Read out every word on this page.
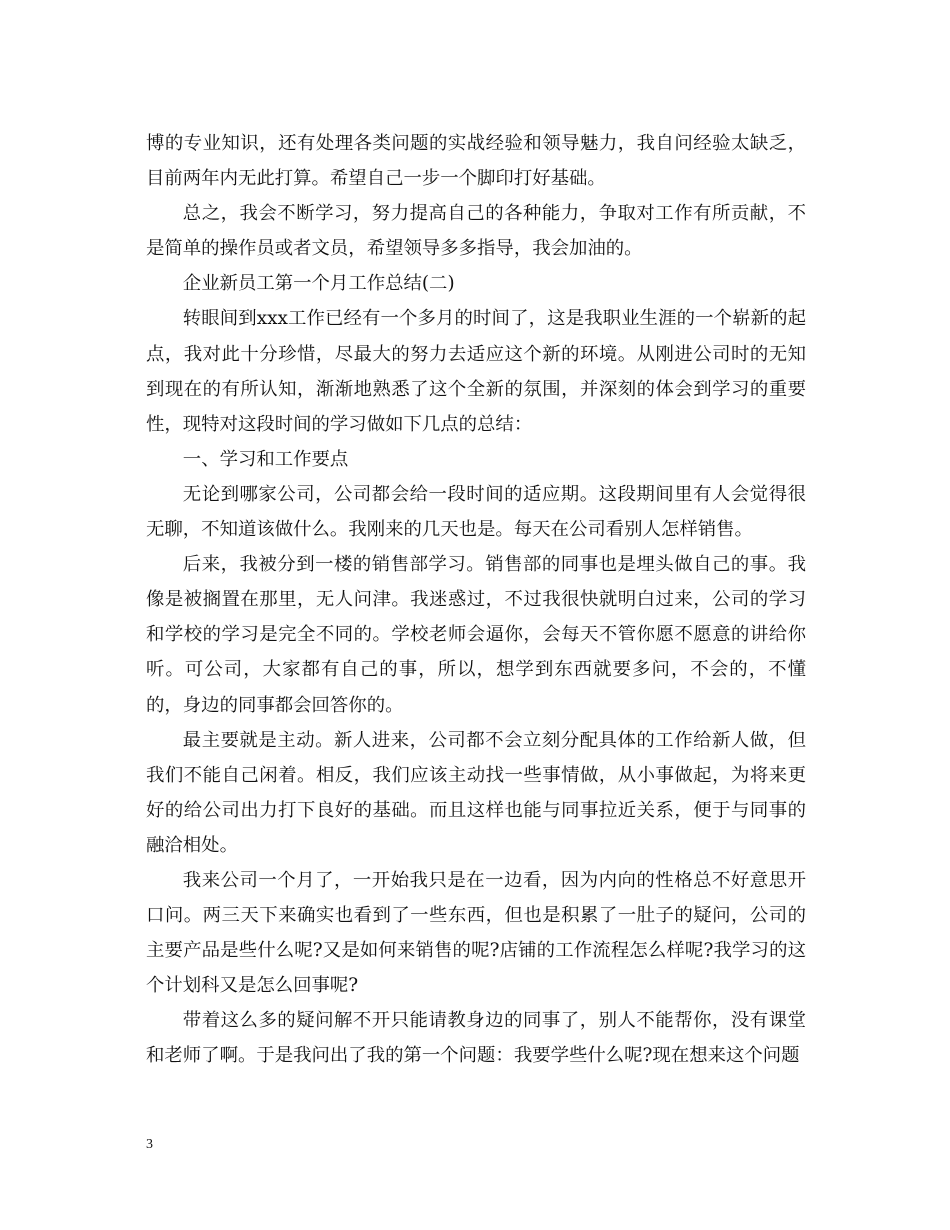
博的专业知识，还有处理各类问题的实战经验和领导魅力，我自问经验太缺乏，目前两年内无此打算。希望自己一步一个脚印打好基础。

总之，我会不断学习，努力提高自己的各种能力，争取对工作有所贡献，不是简单的操作员或者文员，希望领导多多指导，我会加油的。

企业新员工第一个月工作总结(二)

转眼间到xxx工作已经有一个多月的时间了，这是我职业生涯的一个崭新的起点，我对此十分珍惜，尽最大的努力去适应这个新的环境。从刚进公司时的无知到现在的有所认知，渐渐地熟悉了这个全新的氛围，并深刻的体会到学习的重要性，现特对这段时间的学习做如下几点的总结：

一、学习和工作要点

无论到哪家公司，公司都会给一段时间的适应期。这段期间里有人会觉得很无聊，不知道该做什么。我刚来的几天也是。每天在公司看别人怎样销售。

后来，我被分到一楼的销售部学习。销售部的同事也是埋头做自己的事。我像是被搁置在那里，无人问津。我迷惑过，不过我很快就明白过来，公司的学习和学校的学习是完全不同的。学校老师会逼你，会每天不管你愿不愿意的讲给你听。可公司，大家都有自己的事，所以，想学到东西就要多问，不会的，不懂的，身边的同事都会回答你的。

最主要就是主动。新人进来，公司都不会立刻分配具体的工作给新人做，但我们不能自己闲着。相反，我们应该主动找一些事情做，从小事做起，为将来更好的给公司出力打下良好的基础。而且这样也能与同事拉近关系，便于与同事的融洽相处。

我来公司一个月了，一开始我只是在一边看，因为内向的性格总不好意思开口问。两三天下来确实也看到了一些东西，但也是积累了一肚子的疑问，公司的主要产品是些什么呢?又是如何来销售的呢?店铺的工作流程怎么样呢?我学习的这个计划科又是怎么回事呢?

带着这么多的疑问解不开只能请教身边的同事了，别人不能帮你，没有课堂和老师了啊。于是我问出了我的第一个问题：我要学些什么呢?现在想来这个问题

3
